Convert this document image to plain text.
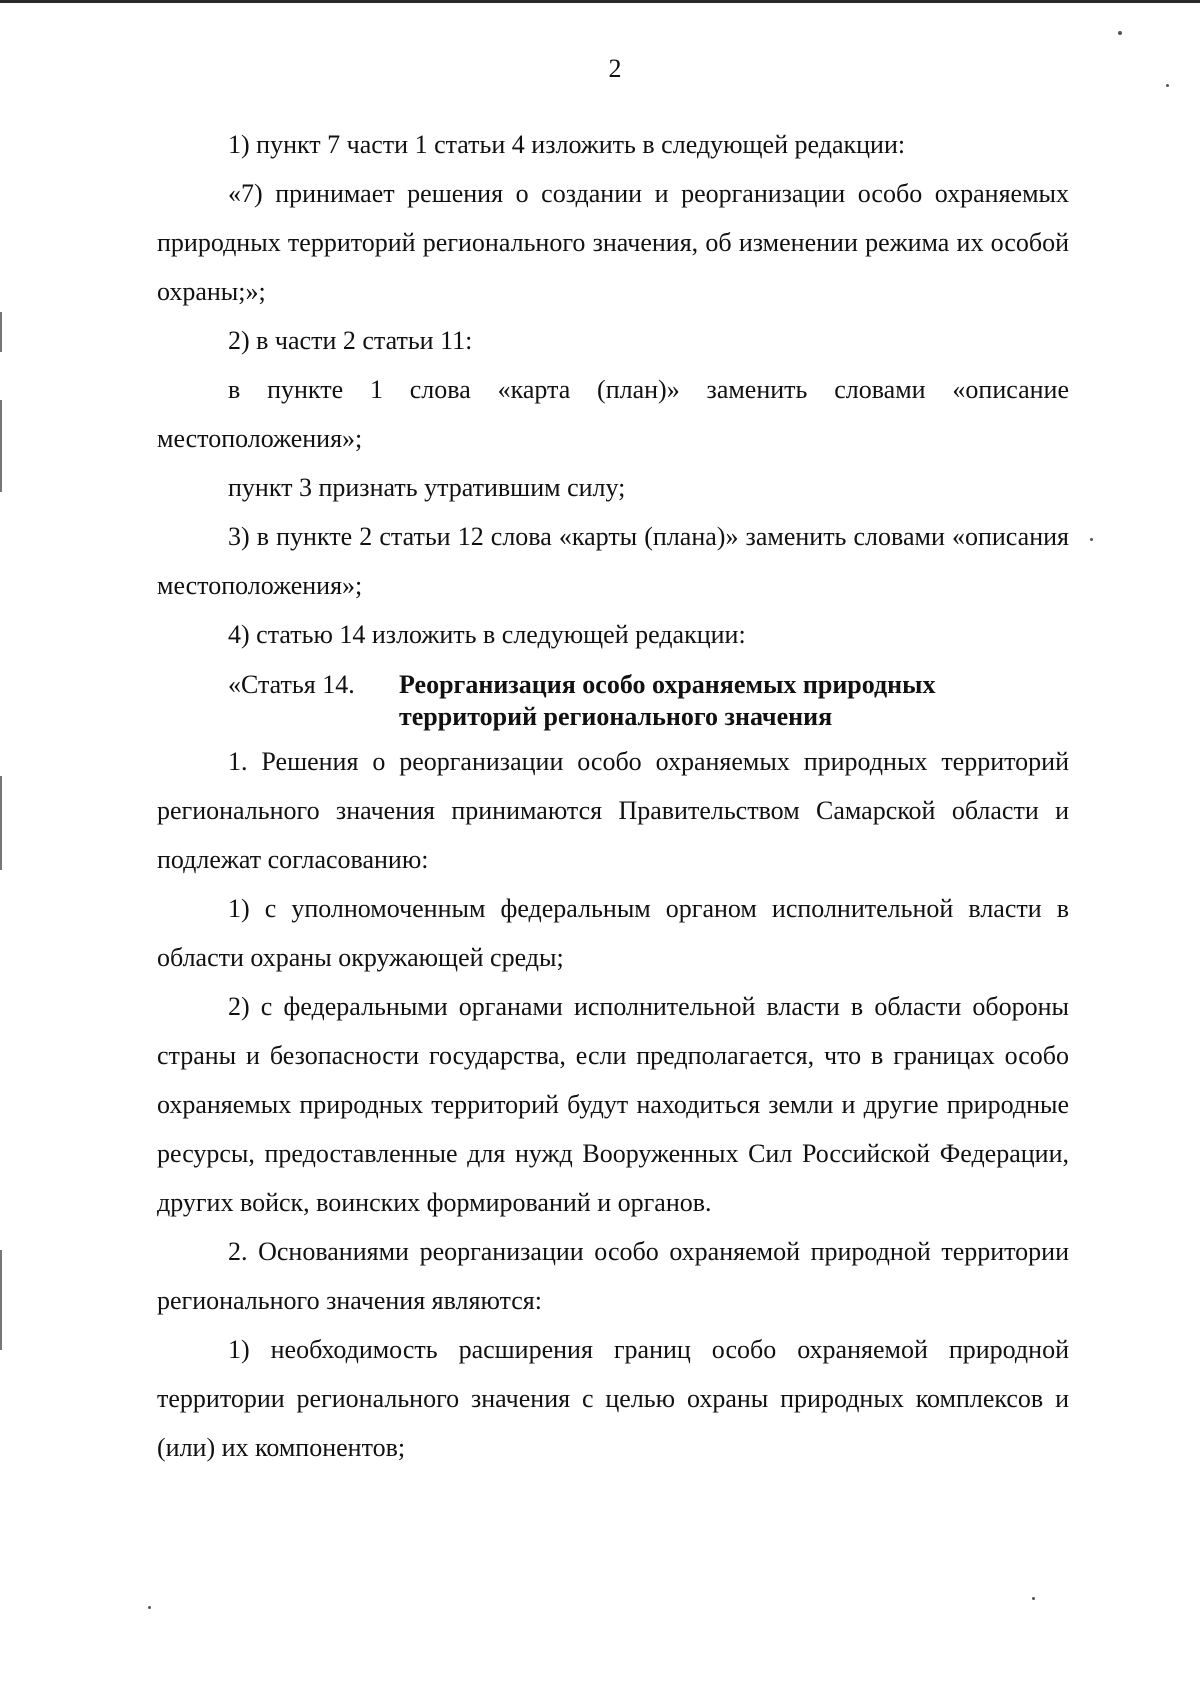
2

1) пункт 7 части 1 статьи 4 изложить в следующей редакции:

«7) принимает решения о создании и реорганизации особо охраняемых природных территорий регионального значения, об изменении режима их особой охраны;»;

2) в части 2 статьи 11:

в пункте 1 слова «карта (план)» заменить словами «описание местоположения»;

пункт 3 признать утратившим силу;

3) в пункте 2 статьи 12 слова «карты (плана)» заменить словами «описания местоположения»;

4) статью 14 изложить в следующей редакции:

«Статья 14. Реорганизация особо охраняемых природных
территорий регионального значения

1. Решения о реорганизации особо охраняемых природных территорий регионального значения принимаются Правительством Самарской области и подлежат согласованию:

1) с уполномоченным федеральным органом исполнительной власти в области охраны окружающей среды;

2) с федеральными органами исполнительной власти в области обороны страны и безопасности государства, если предполагается, что в границах особо охраняемых природных территорий будут находиться земли и другие природные ресурсы, предоставленные для нужд Вооруженных Сил Российской Федерации, других войск, воинских формирований и органов.

2. Основаниями реорганизации особо охраняемой природной территории регионального значения являются:

1) необходимость расширения границ особо охраняемой природной территории регионального значения с целью охраны природных комплексов и (или) их компонентов;
